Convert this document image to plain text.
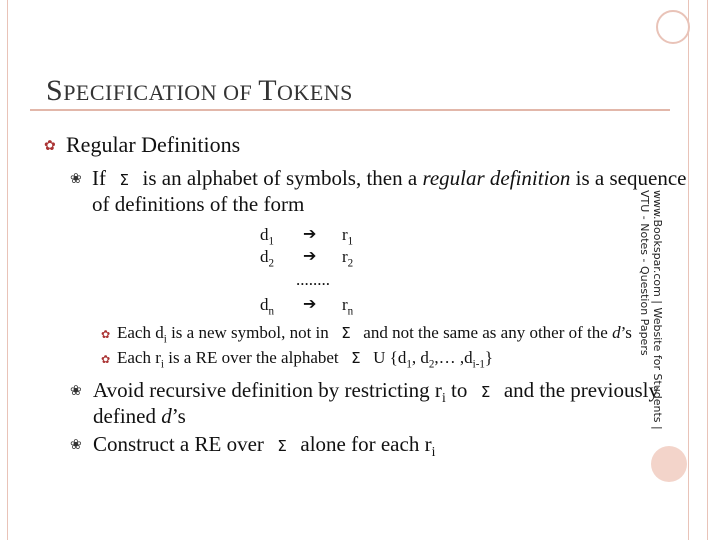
SPECIFICATION OF TOKENS
✿ Regular Definitions
❀ If Σ is an alphabet of symbols, then a regular definition is a sequence
of definitions of the form
$d_1$ ➔ $r_1$
$d_2$ ➔ $r_2$
........
$d_n$ ➔ $r_n$
✿ Each $d_i$ is a new symbol, not in Σ and not the same as any other of the d’s
✿ Each $r_i$ is a RE over the alphabet Σ U {$d_1$, $d_2,\dots$ $,d_{i-1}$}
❀ Avoid recursive definition by restricting $r_i$ to Σ and the previously
defined d’s
❀ Construct a RE over Σ alone for each $r_i$
www.Bookspar.com | Website for Students |
VTU - Notes - Question Papers
